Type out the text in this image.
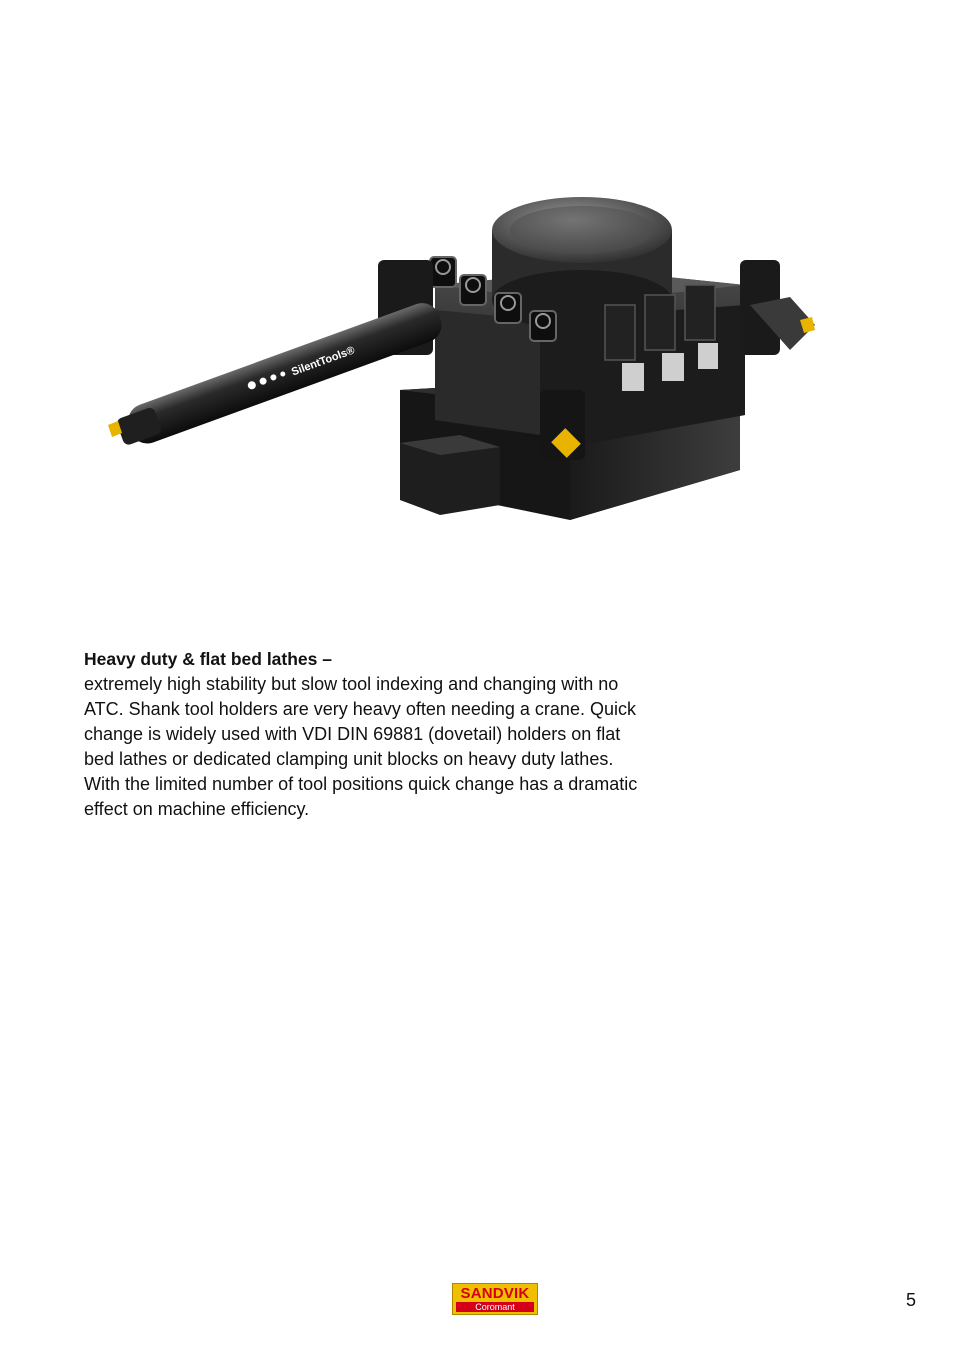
SilentTools®

Heavy duty & flat bed lathes –

extremely high stability but slow tool indexing and changing with no

ATC. Shank tool holders are very heavy often needing a crane. Quick

change is widely used with VDI DIN 69881 (dovetail) holders on flat

bed lathes or dedicated clamping unit blocks on heavy duty lathes.

With the limited number of tool positions quick change has a dramatic

effect on machine efficiency.

SANDVIK
Coromant	5
